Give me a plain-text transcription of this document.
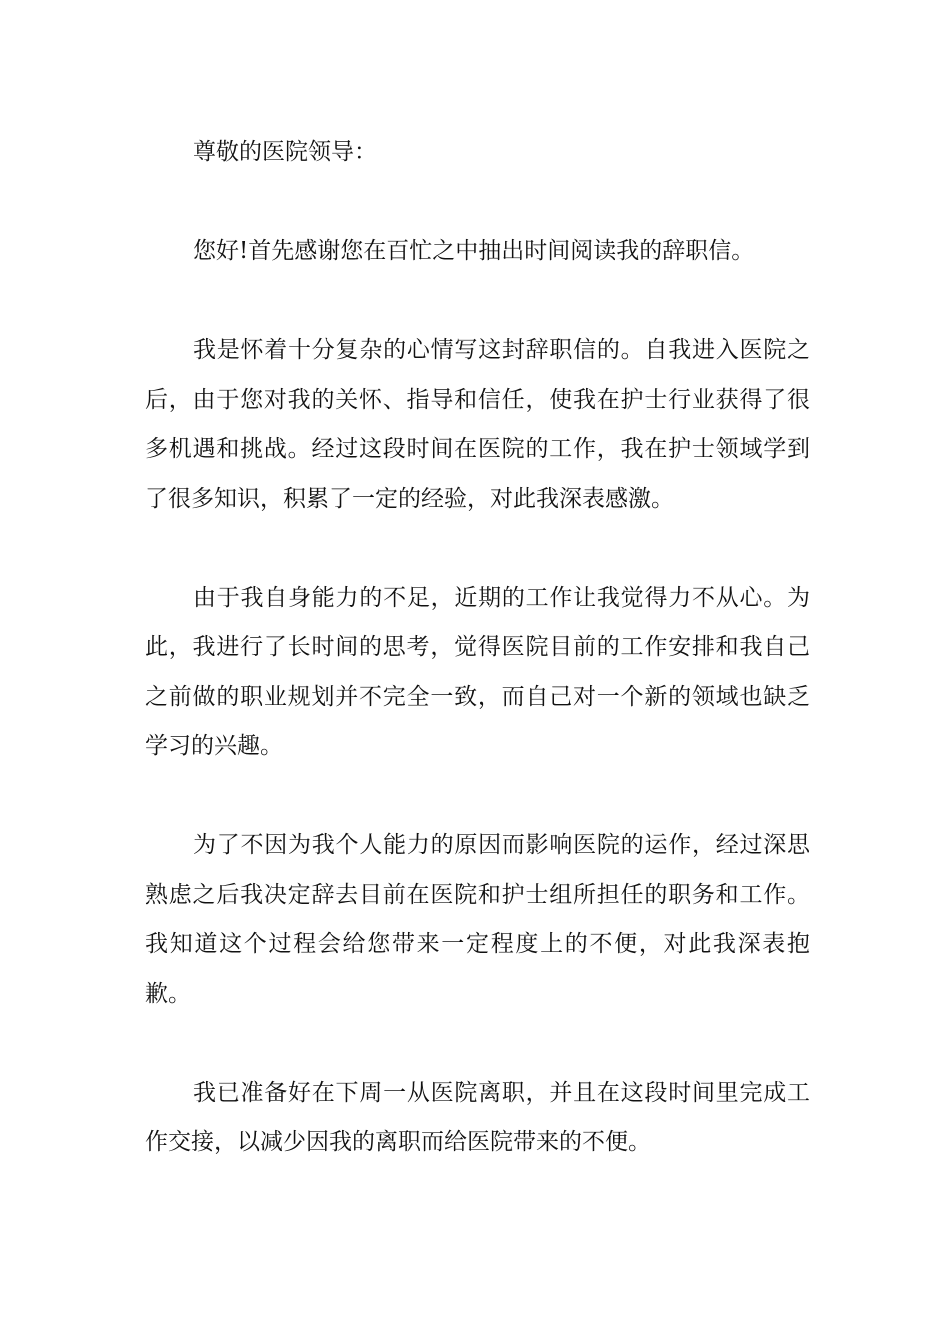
尊敬的医院领导：

您好!首先感谢您在百忙之中抽出时间阅读我的辞职信。

我是怀着十分复杂的心情写这封辞职信的。自我进入医院之后，由于您对我的关怀、指导和信任，使我在护士行业获得了很多机遇和挑战。经过这段时间在医院的工作，我在护士领域学到了很多知识，积累了一定的经验，对此我深表感激。

由于我自身能力的不足，近期的工作让我觉得力不从心。为此，我进行了长时间的思考，觉得医院目前的工作安排和我自己之前做的职业规划并不完全一致，而自己对一个新的领域也缺乏学习的兴趣。

为了不因为我个人能力的原因而影响医院的运作，经过深思熟虑之后我决定辞去目前在医院和护士组所担任的职务和工作。我知道这个过程会给您带来一定程度上的不便，对此我深表抱歉。

我已准备好在下周一从医院离职，并且在这段时间里完成工作交接，以减少因我的离职而给医院带来的不便。
